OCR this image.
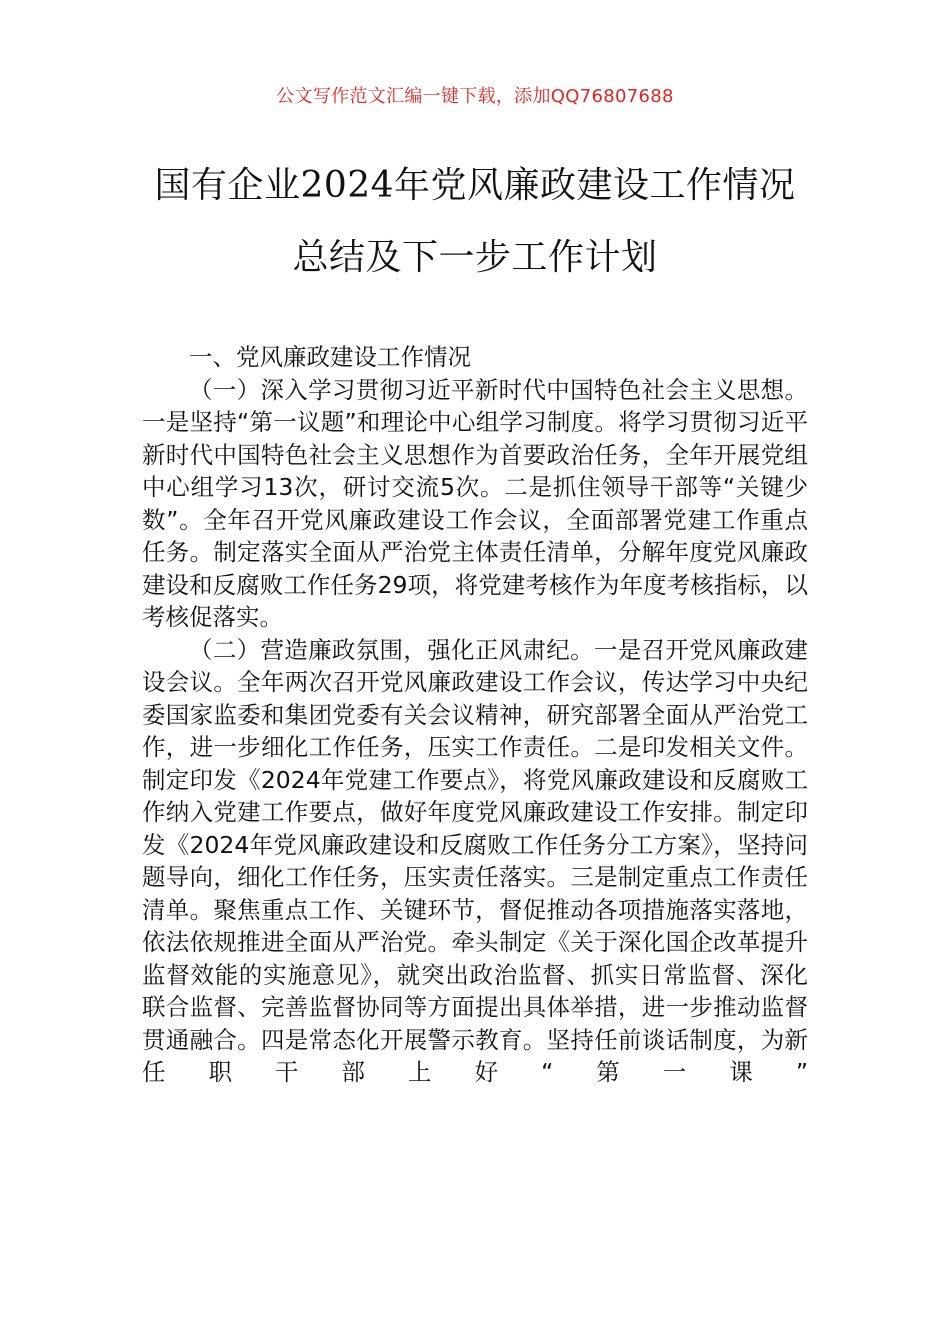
公文写作范文汇编一键下载，添加QQ76807688
国有企业2024年党风廉政建设工作情况总结及下一步工作计划

一、党风廉政建设工作情况

（一）深入学习贯彻习近平新时代中国特色社会主义思想。一是坚持“第一议题”和理论中心组学习制度。将学习贯彻习近平新时代中国特色社会主义思想作为首要政治任务，全年开展党组中心组学习13次，研讨交流5次。二是抓住领导干部等“关键少数”。全年召开党风廉政建设工作会议，全面部署党建工作重点任务。制定落实全面从严治党主体责任清单，分解年度党风廉政建设和反腐败工作任务29项，将党建考核作为年度考核指标，以考核促落实。

（二）营造廉政氛围，强化正风肃纪。一是召开党风廉政建设会议。全年两次召开党风廉政建设工作会议，传达学习中央纪委国家监委和集团党委有关会议精神，研究部署全面从严治党工作，进一步细化工作任务，压实工作责任。二是印发相关文件。制定印发《2024年党建工作要点》，将党风廉政建设和反腐败工作纳入党建工作要点，做好年度党风廉政建设工作安排。制定印发《2024年党风廉政建设和反腐败工作任务分工方案》，坚持问题导向，细化工作任务，压实责任落实。三是制定重点工作责任清单。聚焦重点工作、关键环节，督促推动各项措施落实落地，依法依规推进全面从严治党。牵头制定《关于深化国企改革提升监督效能的实施意见》，就突出政治监督、抓实日常监督、深化联合监督、完善监督协同等方面提出具体举措，进一步推动监督贯通融合。四是常态化开展警示教育。坚持任前谈话制度，为新任职干部上好“第一课”
